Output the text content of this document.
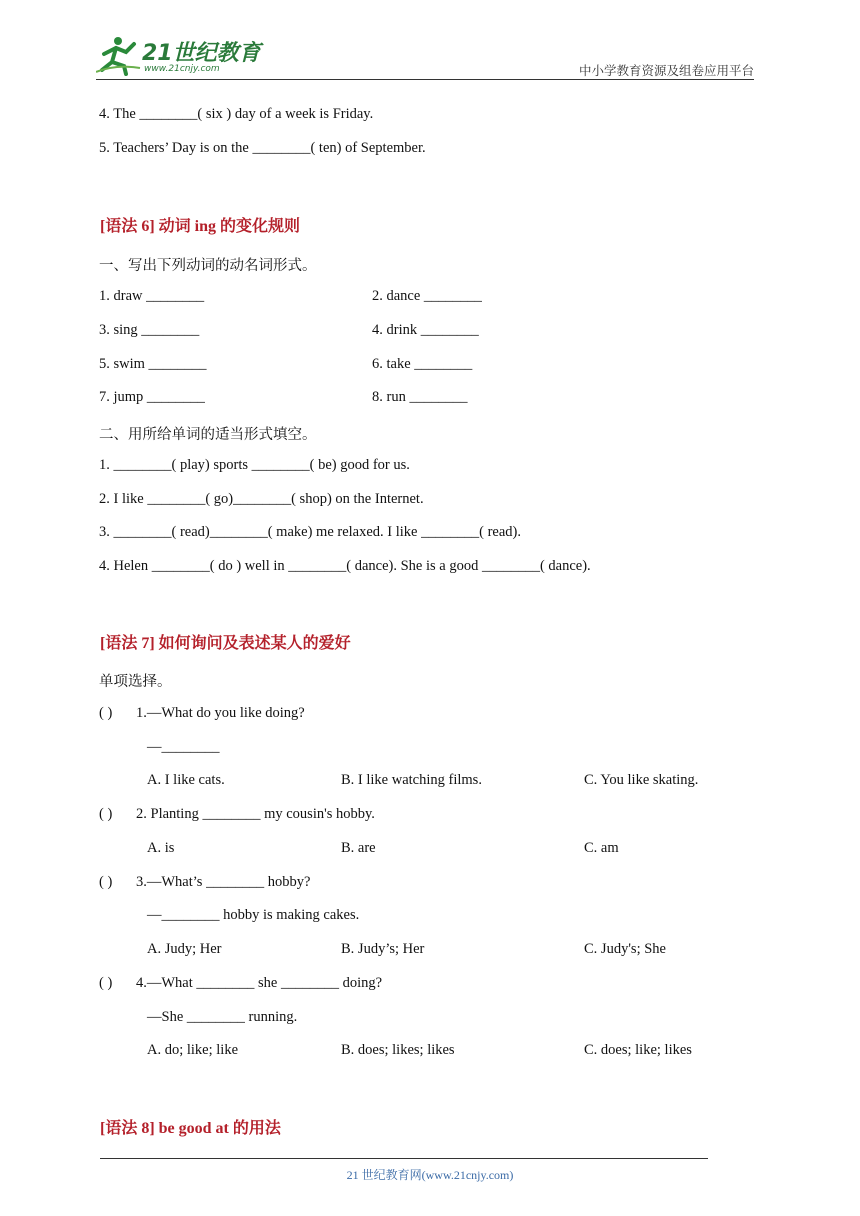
21世纪教育
www.21cnjy.com	中小学教育资源及组卷应用平台
4. The ________( six ) day of a week is Friday.
5. Teachers’ Day is on the ________( ten) of September.
[语法 6] 动词 ing 的变化规则
一、写出下列动词的动名词形式。
1. draw ________	2. dance ________
3. sing ________	4. drink ________
5. swim ________	6. take ________
7. jump ________	8. run ________
二、用所给单词的适当形式填空。
1. ________( play) sports ________( be) good for us.
2. I like ________( go)________( shop) on the Internet.
3. ________( read)________( make) me relaxed. I like ________( read).
4. Helen ________( do ) well in ________( dance). She is a good ________( dance).
[语法 7] 如何询问及表述某人的爱好
单项选择。
( ) 1.—What do you like doing?
—________
A. I like cats.	B. I like watching films.	C. You like skating.
( ) 2. Planting ________ my cousin's hobby.
A. is	B. are	C. am
( ) 3.—What’s ________ hobby?
—________ hobby is making cakes.
A. Judy; Her	B. Judy’s; Her	C. Judy's; She
( ) 4.—What ________ she ________ doing?
—She ________ running.
A. do; like; like	B. does; likes; likes	C. does; like; likes
[语法 8] be good at 的用法
21 世纪教育网(www.21cnjy.com)
